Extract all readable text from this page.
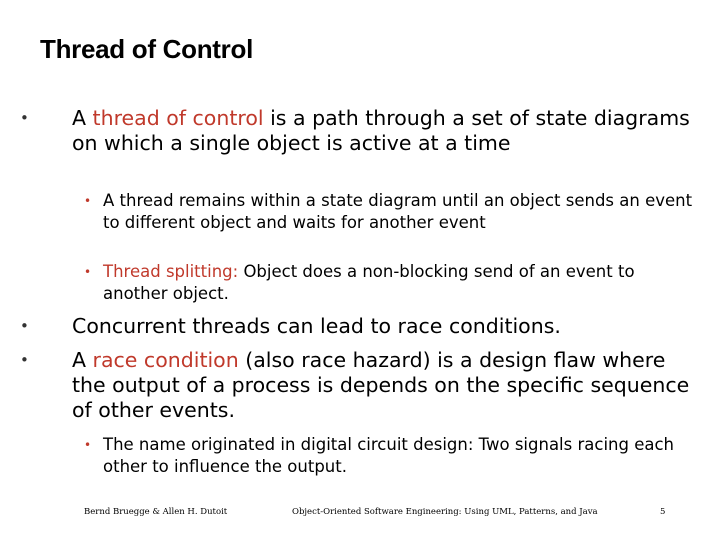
Thread of Control
• A thread of control is a path through a set of state diagrams on which a single object is active at a time
• A thread remains within a state diagram until an object sends an event to different object and waits for another event
• Thread splitting: Object does a non-blocking send of an event to another object.
• Concurrent threads can lead to race conditions.
• A race condition (also race hazard) is a design flaw where the output of a process is depends on the specific sequence of other events.
• The name originated in digital circuit design: Two signals racing each other to influence the output.
Bernd Bruegge & Allen H. Dutoit	Object-Oriented Software Engineering: Using UML, Patterns, and Java	5
